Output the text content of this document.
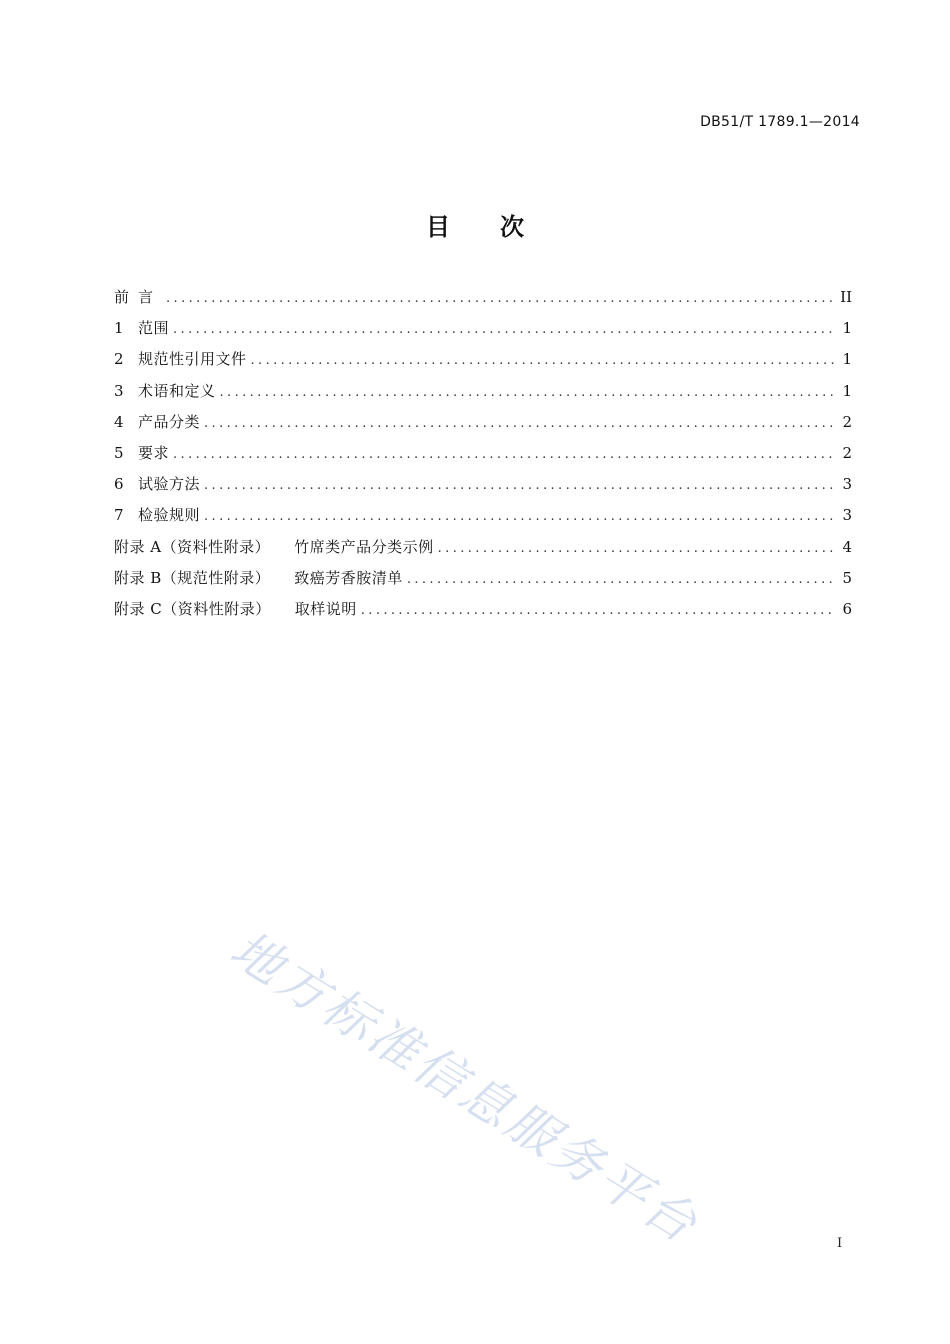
DB51/T 1789.1—2014
目次
前言 .....	II
1 范围 .....	1
2 规范性引用文件 .....	1
3 术语和定义 .....	1
4 产品分类 .....	2
5 要求 .....	2
6 试验方法 .....	3
7 检验规则 .....	3
附录 A（资料性附录） 竹席类产品分类示例 .....	4
附录 B（规范性附录） 致癌芳香胺清单 .....	5
附录 C（资料性附录） 取样说明 .....	6
地方标准信息服务平台	I
